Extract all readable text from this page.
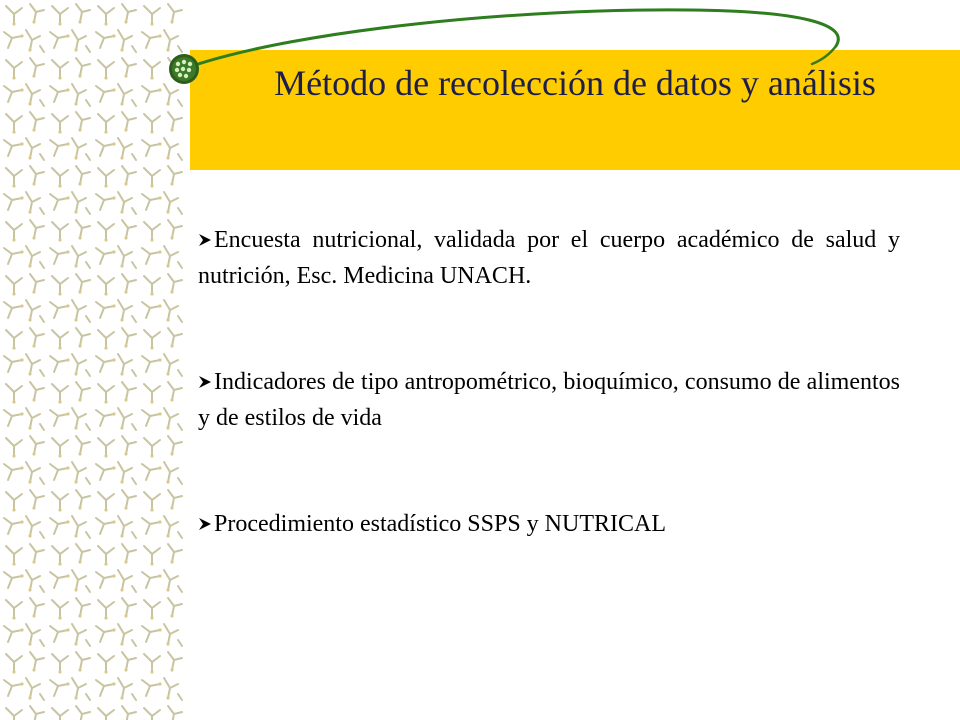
Método de recolección de datos y análisis
Encuesta nutricional, validada por el cuerpo académico de salud y nutrición, Esc. Medicina UNACH.
Indicadores de tipo antropométrico, bioquímico, consumo de alimentos y de estilos de vida
Procedimiento estadístico SSPS y NUTRICAL
